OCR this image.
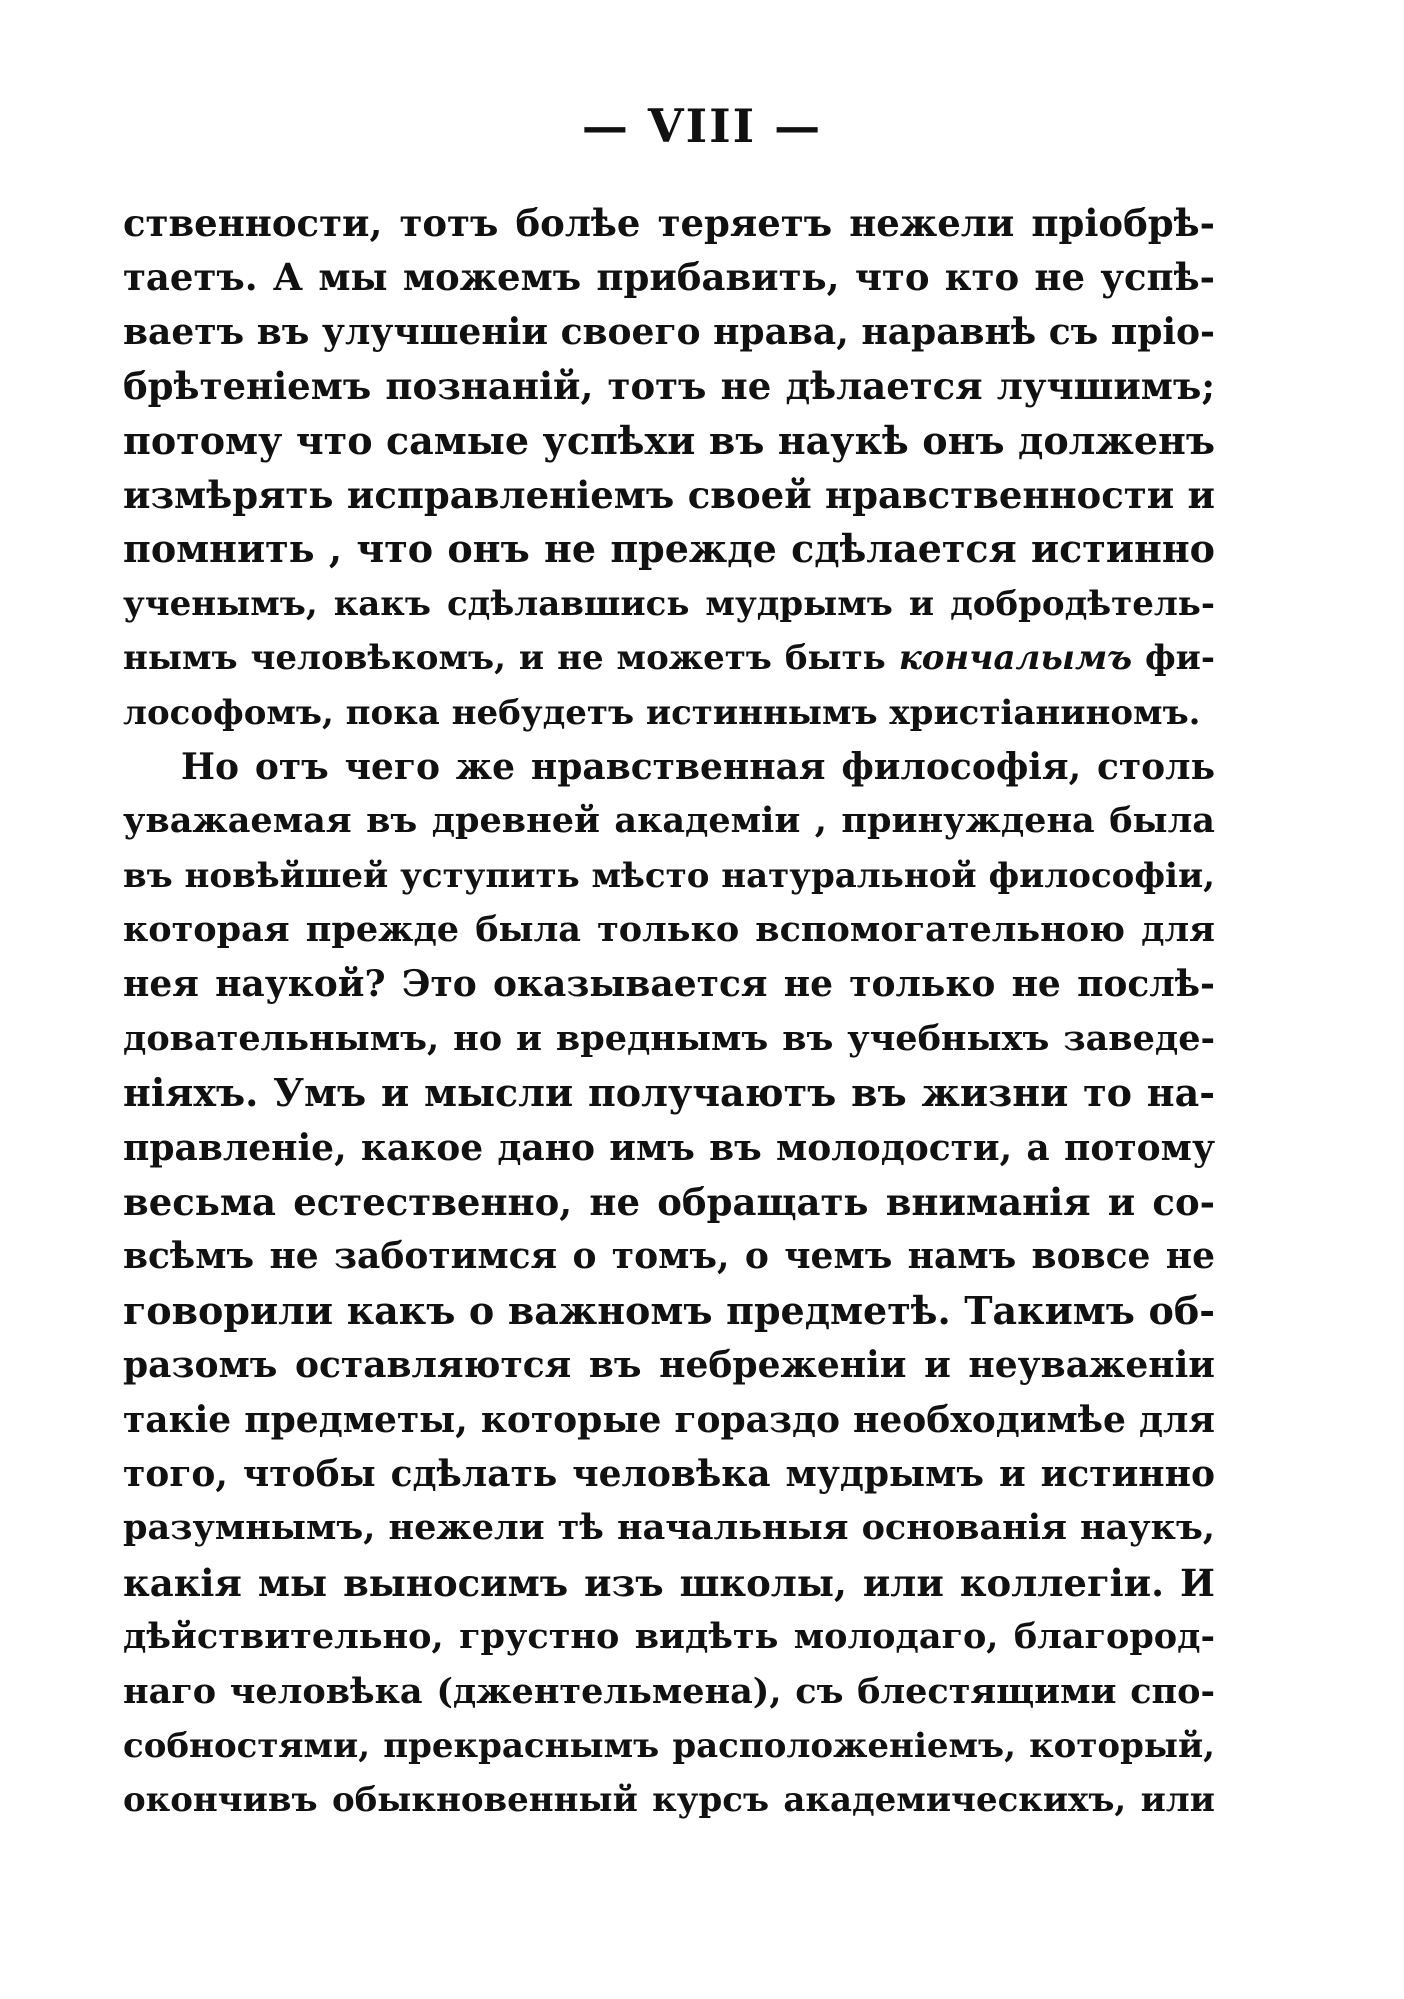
— VIII —
ственности, тотъ болѣе теряетъ нежели пріобрѣ-
таетъ. А мы можемъ прибавить, что кто не успѣ-
ваетъ въ улучшеніи своего нрава, наравнѣ съ пріо-
брѣтеніемъ познаній, тотъ не дѣлается лучшимъ;
потому что самые успѣхи въ наукѣ онъ долженъ
измѣрять исправленіемъ своей нравственности и
помнить , что онъ не прежде сдѣлается истинно
ученымъ, какъ сдѣлавшись мудрымъ и добродѣтель-
нымъ человѣкомъ, и не можетъ быть кончалымъ фи-
лософомъ, пока небудетъ истиннымъ христіаниномъ.
Но отъ чего же нравственная философія, столь
уважаемая въ древней академіи , принуждена была
въ новѣйшей уступить мѣсто натуральной философіи,
которая прежде была только вспомогательною для
нея наукой? Это оказывается не только не послѣ-
довательнымъ, но и вреднымъ въ учебныхъ заведе-
ніяхъ. Умъ и мысли получаютъ въ жизни то на-
правленіе, какое дано имъ въ молодости, а потому
весьма естественно, не обращать вниманія и со-
всѣмъ не заботимся о томъ, о чемъ намъ вовсе не
говорили какъ о важномъ предметѣ. Такимъ об-
разомъ оставляются въ небреженіи и неуваженіи
такіе предметы, которые гораздо необходимѣе для
того, чтобы сдѣлать человѣка мудрымъ и истинно
разумнымъ, нежели тѣ начальныя основанія наукъ,
какія мы выносимъ изъ школы, или коллегіи. И
дѣйствительно, грустно видѣть молодаго, благород-
наго человѣка (джентельмена), съ блестящими спо-
собностями, прекраснымъ расположеніемъ, который,
окончивъ обыкновенный курсъ академическихъ, или
